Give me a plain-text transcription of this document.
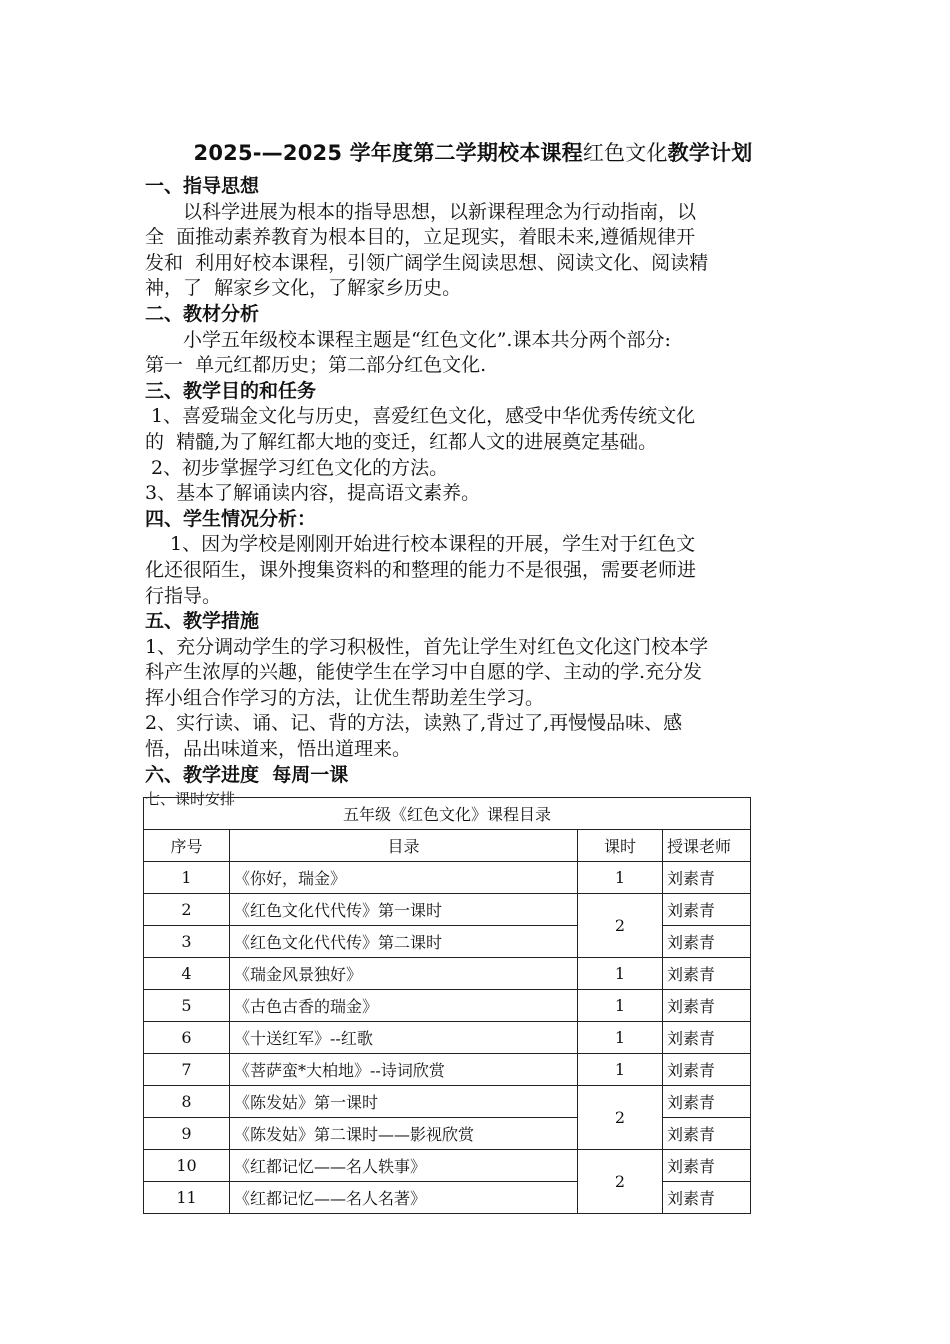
2025-—2025 学年度第二学期校本课程红色文化教学计划

一、指导思想

　　以科学进展为根本的指导思想，以新课程理念为行动指南，以

全  面推动素养教育为根本目的，立足现实，着眼未来,遵循规律开

发和  利用好校本课程，引领广阔学生阅读思想、阅读文化、阅读精

神，了  解家乡文化，了解家乡历史。

二、教材分析

　　小学五年级校本课程主题是“红色文化”.课本共分两个部分:

第一  单元红都历史；第二部分红色文化.

三、教学目的和任务

1、喜爱瑞金文化与历史，喜爱红色文化，感受中华优秀传统文化

的  精髓,为了解红都大地的变迁，红都人文的进展奠定基础。

2、初步掌握学习红色文化的方法。

3、基本了解诵读内容，提高语文素养。

四、学生情况分析：

　 1、因为学校是刚刚开始进行校本课程的开展，学生对于红色文

化还很陌生，课外搜集资料的和整理的能力不是很强，需要老师进

行指导。

五、教学措施

1、充分调动学生的学习积极性，首先让学生对红色文化这门校本学

科产生浓厚的兴趣，能使学生在学习中自愿的学、主动的学.充分发

挥小组合作学习的方法，让优生帮助差生学习。

2、实行读、诵、记、背的方法，读熟了,背过了,再慢慢品味、感

悟，品出味道来，悟出道理来。

六、教学进度  每周一课

七、课时安排

五年级《红色文化》课程目录			
序号	目录	课时	授课老师
1	《你好，瑞金》	1	刘素青
2	《红色文化代代传》第一课时	2	刘素青
3	《红色文化代代传》第二课时		刘素青
4	《瑞金风景独好》	1	刘素青
5	《古色古香的瑞金》	1	刘素青
6	《十送红军》--红歌	1	刘素青
7	《菩萨蛮*大柏地》--诗词欣赏	1	刘素青
8	《陈发姑》第一课时	2	刘素青
9	《陈发姑》第二课时——影视欣赏		刘素青
10	《红都记忆——名人轶事》	2	刘素青
11	《红都记忆——名人名著》		刘素青
